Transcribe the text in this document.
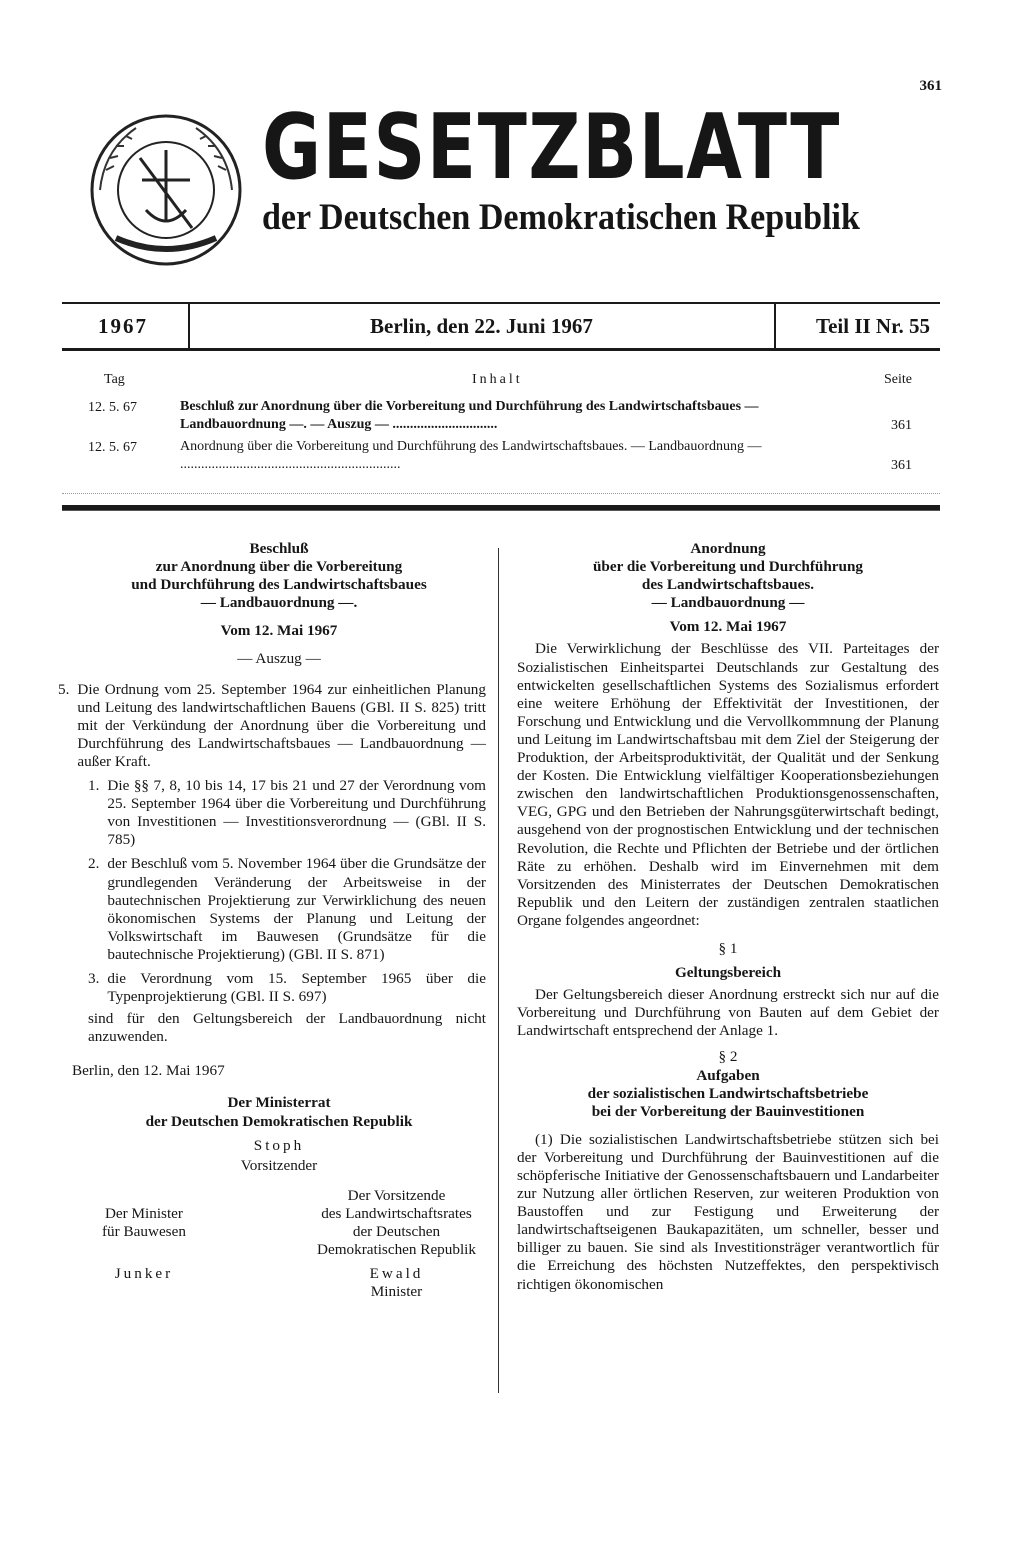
361
GESETZBLATT
der Deutschen Demokratischen Republik
1967	Berlin, den 22. Juni 1967	Teil II Nr. 55
Tag	Inhalt	Seite
12. 5. 67	Beschluß zur Anordnung über die Vorbereitung und Durchführung des Landwirtschaftsbaues — Landbauordnung —. — Auszug — ..............................	361
12. 5. 67	Anordnung über die Vorbereitung und Durchführung des Landwirtschaftsbaues. — Landbauordnung — ...............................................................	361
Beschluß
zur Anordnung über die Vorbereitung
und Durchführung des Landwirtschaftsbaues
— Landbauordnung —.
Vom 12. Mai 1967
— Auszug —
5. Die Ordnung vom 25. September 1964 zur einheitlichen Planung und Leitung des landwirtschaftlichen Bauens (GBl. II S. 825) tritt mit der Verkündung der Anordnung über die Vorbereitung und Durchführung des Landwirtschaftsbaues — Landbauordnung — außer Kraft.
1. Die §§ 7, 8, 10 bis 14, 17 bis 21 und 27 der Verordnung vom 25. September 1964 über die Vorbereitung und Durchführung von Investitionen — Investitionsverordnung — (GBl. II S. 785)
2. der Beschluß vom 5. November 1964 über die Grundsätze der grundlegenden Veränderung der Arbeitsweise in der bautechnischen Projektierung zur Verwirklichung des neuen ökonomischen Systems der Planung und Leitung der Volkswirtschaft im Bauwesen (Grundsätze für die bautechnische Projektierung) (GBl. II S. 871)
3. die Verordnung vom 15. September 1965 über die Typenprojektierung (GBl. II S. 697)

sind für den Geltungsbereich der Landbauordnung nicht anzuwenden.

Berlin, den 12. Mai 1967

Der Ministerrat
der Deutschen Demokratischen Republik
Stoph
Vorsitzender
Der Minister
für Bauwesen
Junker
Der Vorsitzende
des Landwirtschaftsrates
der Deutschen
Demokratischen Republik
Ewald
Minister
Anordnung
über die Vorbereitung und Durchführung
des Landwirtschaftsbaues.
— Landbauordnung —
Vom 12. Mai 1967

Die Verwirklichung der Beschlüsse des VII. Parteitages der Sozialistischen Einheitspartei Deutschlands zur Gestaltung des entwickelten gesellschaftlichen Systems des Sozialismus erfordert eine weitere Erhöhung der Effektivität der Investitionen, der Forschung und Entwicklung und die Vervollkommnung der Planung und Leitung im Landwirtschaftsbau mit dem Ziel der Steigerung der Produktion, der Arbeitsproduktivität, der Qualität und der Senkung der Kosten. Die Entwicklung vielfältiger Kooperationsbeziehungen zwischen den landwirtschaftlichen Produktionsgenossenschaften, VEG, GPG und den Betrieben der Nahrungsgüterwirtschaft bedingt, ausgehend von der prognostischen Entwicklung und der technischen Revolution, die Rechte und Pflichten der Betriebe und der örtlichen Räte zu erhöhen. Deshalb wird im Einvernehmen mit dem Vorsitzenden des Ministerrates der Deutschen Demokratischen Republik und den Leitern der zuständigen zentralen staatlichen Organe folgendes angeordnet:

§ 1
Geltungsbereich

Der Geltungsbereich dieser Anordnung erstreckt sich nur auf die Vorbereitung und Durchführung von Bauten auf dem Gebiet der Landwirtschaft entsprechend der Anlage 1.

§ 2
Aufgaben
der sozialistischen Landwirtschaftsbetriebe
bei der Vorbereitung der Bauinvestitionen

(1) Die sozialistischen Landwirtschaftsbetriebe stützen sich bei der Vorbereitung und Durchführung der Bauinvestitionen auf die schöpferische Initiative der Genossenschaftsbauern und Landarbeiter zur Nutzung aller örtlichen Reserven, zur weiteren Produktion von Baustoffen und zur Festigung und Erweiterung der landwirtschaftseigenen Baukapazitäten, um schneller, besser und billiger zu bauen. Sie sind als Investitionsträger verantwortlich für die Erreichung des höchsten Nutzeffektes, den perspektivisch richtigen ökonomischen
